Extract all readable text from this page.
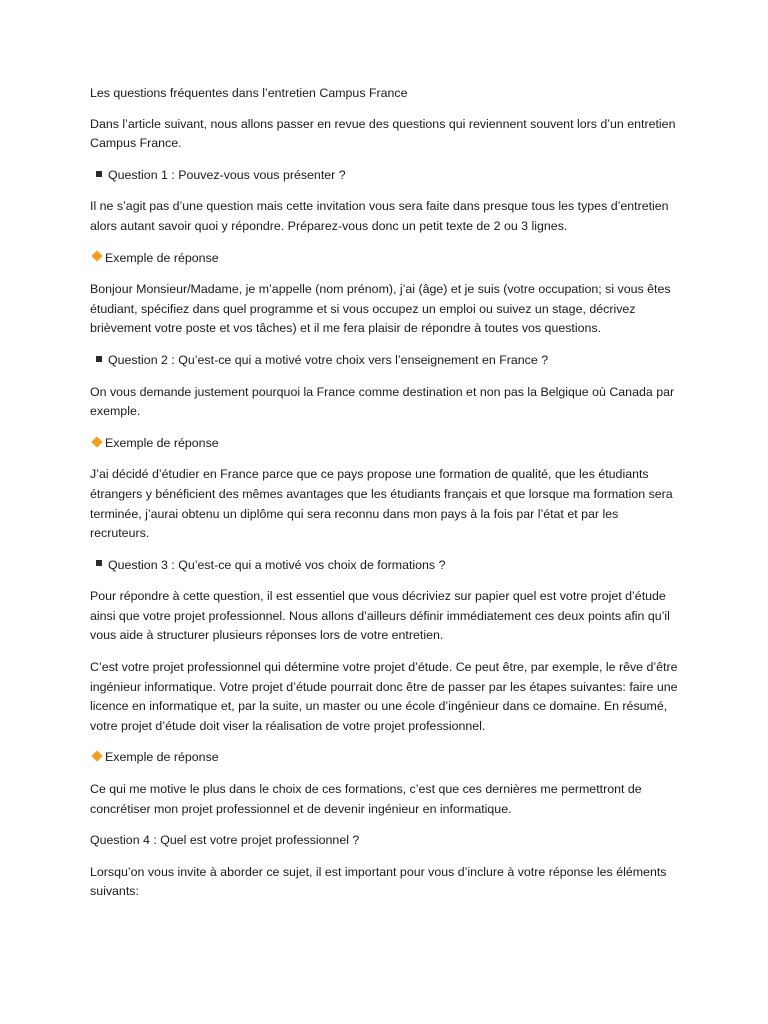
Les questions fréquentes dans l’entretien Campus France

Dans l’article suivant, nous allons passer en revue des questions qui reviennent souvent lors d’un entretien Campus France.

Question 1 : Pouvez-vous vous présenter ?

Il ne s’agit pas d’une question mais cette invitation vous sera faite dans presque tous les types d’entretien alors autant savoir quoi y répondre. Préparez-vous donc un petit texte de 2 ou 3 lignes.

Exemple de réponse

Bonjour Monsieur/Madame, je m’appelle (nom prénom), j’ai (âge) et je suis (votre occupation; si vous êtes étudiant, spécifiez dans quel programme et si vous occupez un emploi ou suivez un stage, décrivez brièvement votre poste et vos tâches) et il me fera plaisir de répondre à toutes vos questions.

Question 2 : Qu’est-ce qui a motivé votre choix vers l’enseignement en France ?

On vous demande justement pourquoi la France comme destination et non pas la Belgique où Canada par exemple.

Exemple de réponse

J’ai décidé d’étudier en France parce que ce pays propose une formation de qualité, que les étudiants étrangers y bénéficient des mêmes avantages que les étudiants français et que lorsque ma formation sera terminée, j’aurai obtenu un diplôme qui sera reconnu dans mon pays à la fois par l’état et par les recruteurs.

Question 3 : Qu’est-ce qui a motivé vos choix de formations ?

Pour répondre à cette question, il est essentiel que vous décriviez sur papier quel est votre projet d’étude ainsi que votre projet professionnel. Nous allons d’ailleurs définir immédiatement ces deux points afin qu’il vous aide à structurer plusieurs réponses lors de votre entretien.

C’est votre projet professionnel qui détermine votre projet d’étude. Ce peut être, par exemple, le rêve d’être ingénieur informatique. Votre projet d’étude pourrait donc être de passer par les étapes suivantes: faire une licence en informatique et, par la suite, un master ou une école d’ingénieur dans ce domaine. En résumé, votre projet d’étude doit viser la réalisation de votre projet professionnel.

Exemple de réponse

Ce qui me motive le plus dans le choix de ces formations, c’est que ces dernières me permettront de concrétiser mon projet professionnel et de devenir ingénieur en informatique.

Question 4 : Quel est votre projet professionnel ?

Lorsqu’on vous invite à aborder ce sujet, il est important pour vous d’inclure à votre réponse les éléments suivants:
